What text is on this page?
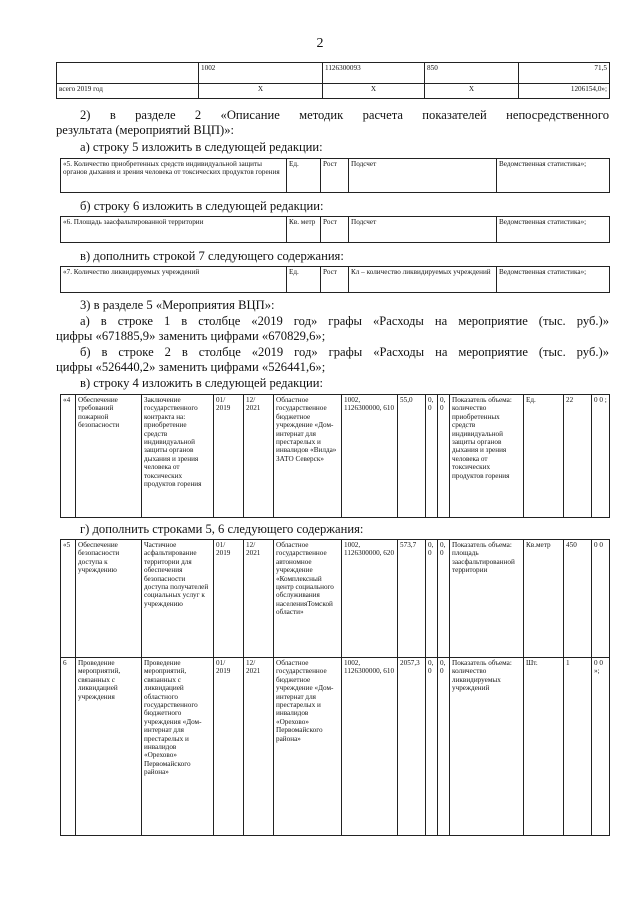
2
	1002	1126300093	850	71,5
всего 2019 год	Х	Х	Х	1206154,0»;
2) в разделе 2 «Описание методик расчета показателей непосредственного
результата (мероприятий ВЦП)»:
а) строку 5 изложить в следующей редакции:
«5. Количество приобретенных средств индивидуальной защиты органов дыхания и зрения человека от токсических продуктов горения	Ед.	Рост	Подсчет	Ведомственная статистика»;
б) строку 6 изложить в следующей редакции:
«6. Площадь заасфальтированной территории	Кв. метр	Рост	Подсчет	Ведомственная статистика»;
в) дополнить строкой 7 следующего содержания:
«7. Количество ликвидируемых учреждений	Ед.	Рост	Кл – количество ликвидируемых учреждений	Ведомственная статистика»;
3) в разделе 5 «Мероприятия ВЦП»:
а) в строке 1 в столбце «2019 год» графы «Расходы на мероприятие (тыс. руб.)»
цифры «671885,9» заменить цифрами «670829,6»;
б) в строке 2 в столбце «2019 год» графы «Расходы на мероприятие (тыс. руб.)»
цифры «526440,2» заменить цифрами «526441,6»;
в) строку 4 изложить в следующей редакции:
«4	Обеспечение требований пожарной безопасности	Заключение государственного контракта на: приобретение средств индивидуальной защиты органов дыхания и зрения человека от токсических продуктов горения	01/ 2019	12/ 2021	Областное государственное бюджетное учреждение «Дом-интернат для престарелых и инвалидов «Вилда» ЗАТО Северск»	1002, 1126300000, 610	55,0	0, 0	0, 0	Показатель объема: количество приобретенных средств индивидуальной защиты органов дыхания и зрения человека от токсических продуктов горения	Ед.	22	0 0 ;
г) дополнить строками 5, 6 следующего содержания:
«5	Обеспечение безопасности доступа к учреждению	Частичное асфальтирование территории для обеспечения безопасности доступа получателей социальных услуг к учреждению	01/ 2019	12/ 2021	Областное государственное автономное учреждение «Комплексный центр социального обслуживания населенияТомской области»	1002, 1126300000, 620	573,7	0, 0	0, 0	Показатель объема: площадь заасфальтированной территории	Кв.метр	450	0 0
6	Проведение мероприятий, связанных с ликвидацией учреждения	Проведение мероприятий, связанных с ликвидацией областного государственного бюджетного учреждения «Дом-интернат для престарелых и инвалидов «Орехово» Первомайского района»	01/ 2019	12/ 2021	Областное государственное бюджетное учреждение «Дом-интернат для престарелых и инвалидов «Орехово» Первомайского района»	1002, 1126300000, 610	2057,3	0, 0	0, 0	Показатель объема: количество ликвидируемых учреждений	Шт.	1	0 0 »;
